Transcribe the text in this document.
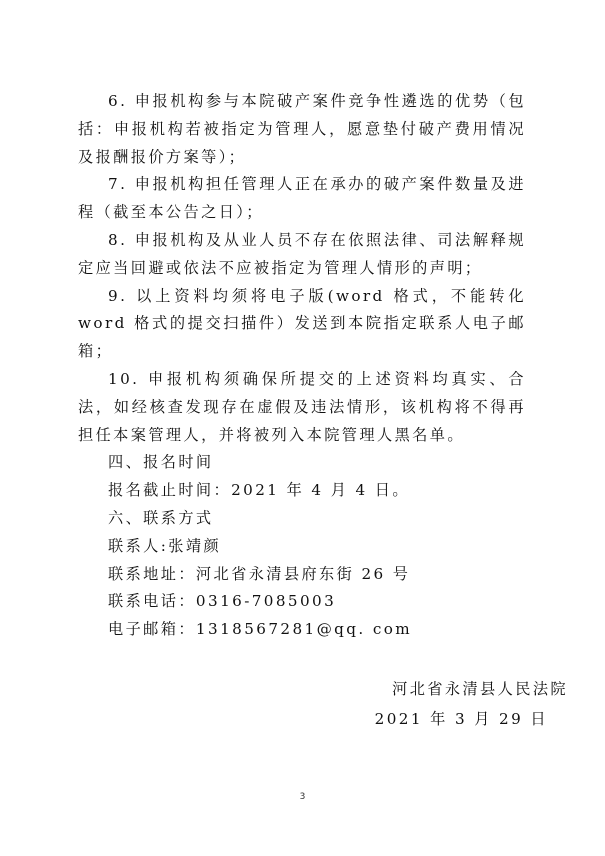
6. 申报机构参与本院破产案件竞争性遴选的优势（包括：申报机构若被指定为管理人，愿意垫付破产费用情况及报酬报价方案等）；

7. 申报机构担任管理人正在承办的破产案件数量及进程（截至本公告之日）；

8. 申报机构及从业人员不存在依照法律、司法解释规定应当回避或依法不应被指定为管理人情形的声明；

9. 以上资料均须将电子版(word 格式，不能转化 word 格式的提交扫描件）发送到本院指定联系人电子邮箱；

10. 申报机构须确保所提交的上述资料均真实、合法，如经核查发现存在虚假及违法情形，该机构将不得再担任本案管理人，并将被列入本院管理人黑名单。

四、报名时间

报名截止时间：2021 年 4 月 4 日。

六、联系方式

联系人:张靖颜

联系地址：河北省永清县府东街 26 号

联系电话：0316-7085003

电子邮箱：1318567281@qq. com

河北省永清县人民法院
2021 年 3 月 29 日
3
